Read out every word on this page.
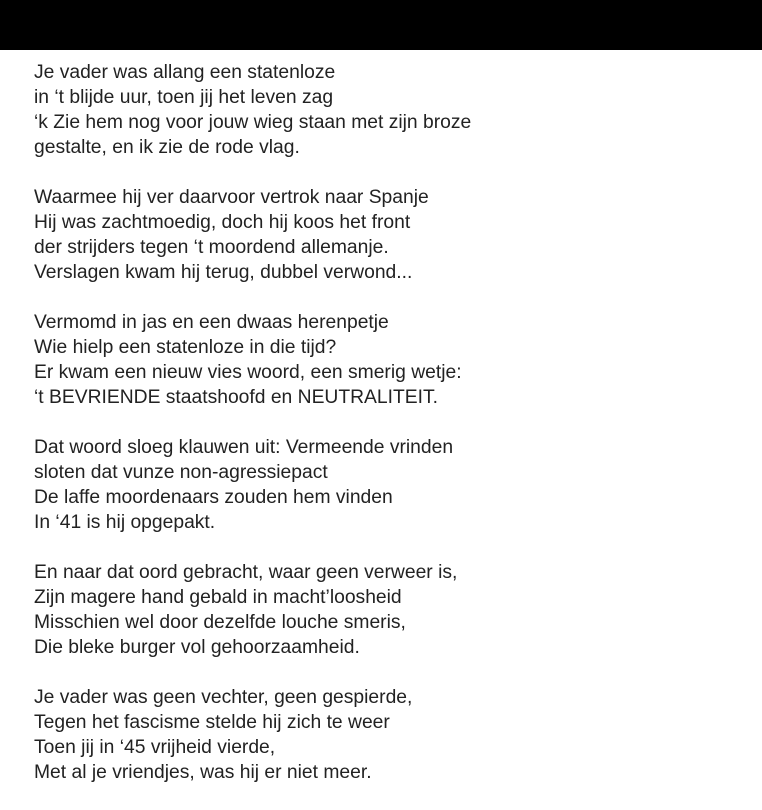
Je vader was allang een statenloze
in ‘t blijde uur, toen jij het leven zag
‘k Zie hem nog voor jouw wieg staan met zijn broze
gestalte, en ik zie de rode vlag.
Waarmee hij ver daarvoor vertrok naar Spanje
Hij was zachtmoedig, doch hij koos het front
der strijders tegen ‘t moordend allemanje.
Verslagen kwam hij terug, dubbel verwond...
Vermomd in jas en een dwaas herenpetje
Wie hielp een statenloze in die tijd?
Er kwam een nieuw vies woord, een smerig wetje:
‘t BEVRIENDE staatshoofd en NEUTRALITEIT.
Dat woord sloeg klauwen uit: Vermeende vrinden
sloten dat vunze non-agressiepact
De laffe moordenaars zouden hem vinden
In ‘41 is hij opgepakt.
En naar dat oord gebracht, waar geen verweer is,
Zijn magere hand gebald in macht’loosheid
Misschien wel door dezelfde louche smeris,
Die bleke burger vol gehoorzaamheid.
Je vader was geen vechter, geen gespierde,
Tegen het fascisme stelde hij zich te weer
Toen jij in ‘45 vrijheid vierde,
Met al je vriendjes, was hij er niet meer.
